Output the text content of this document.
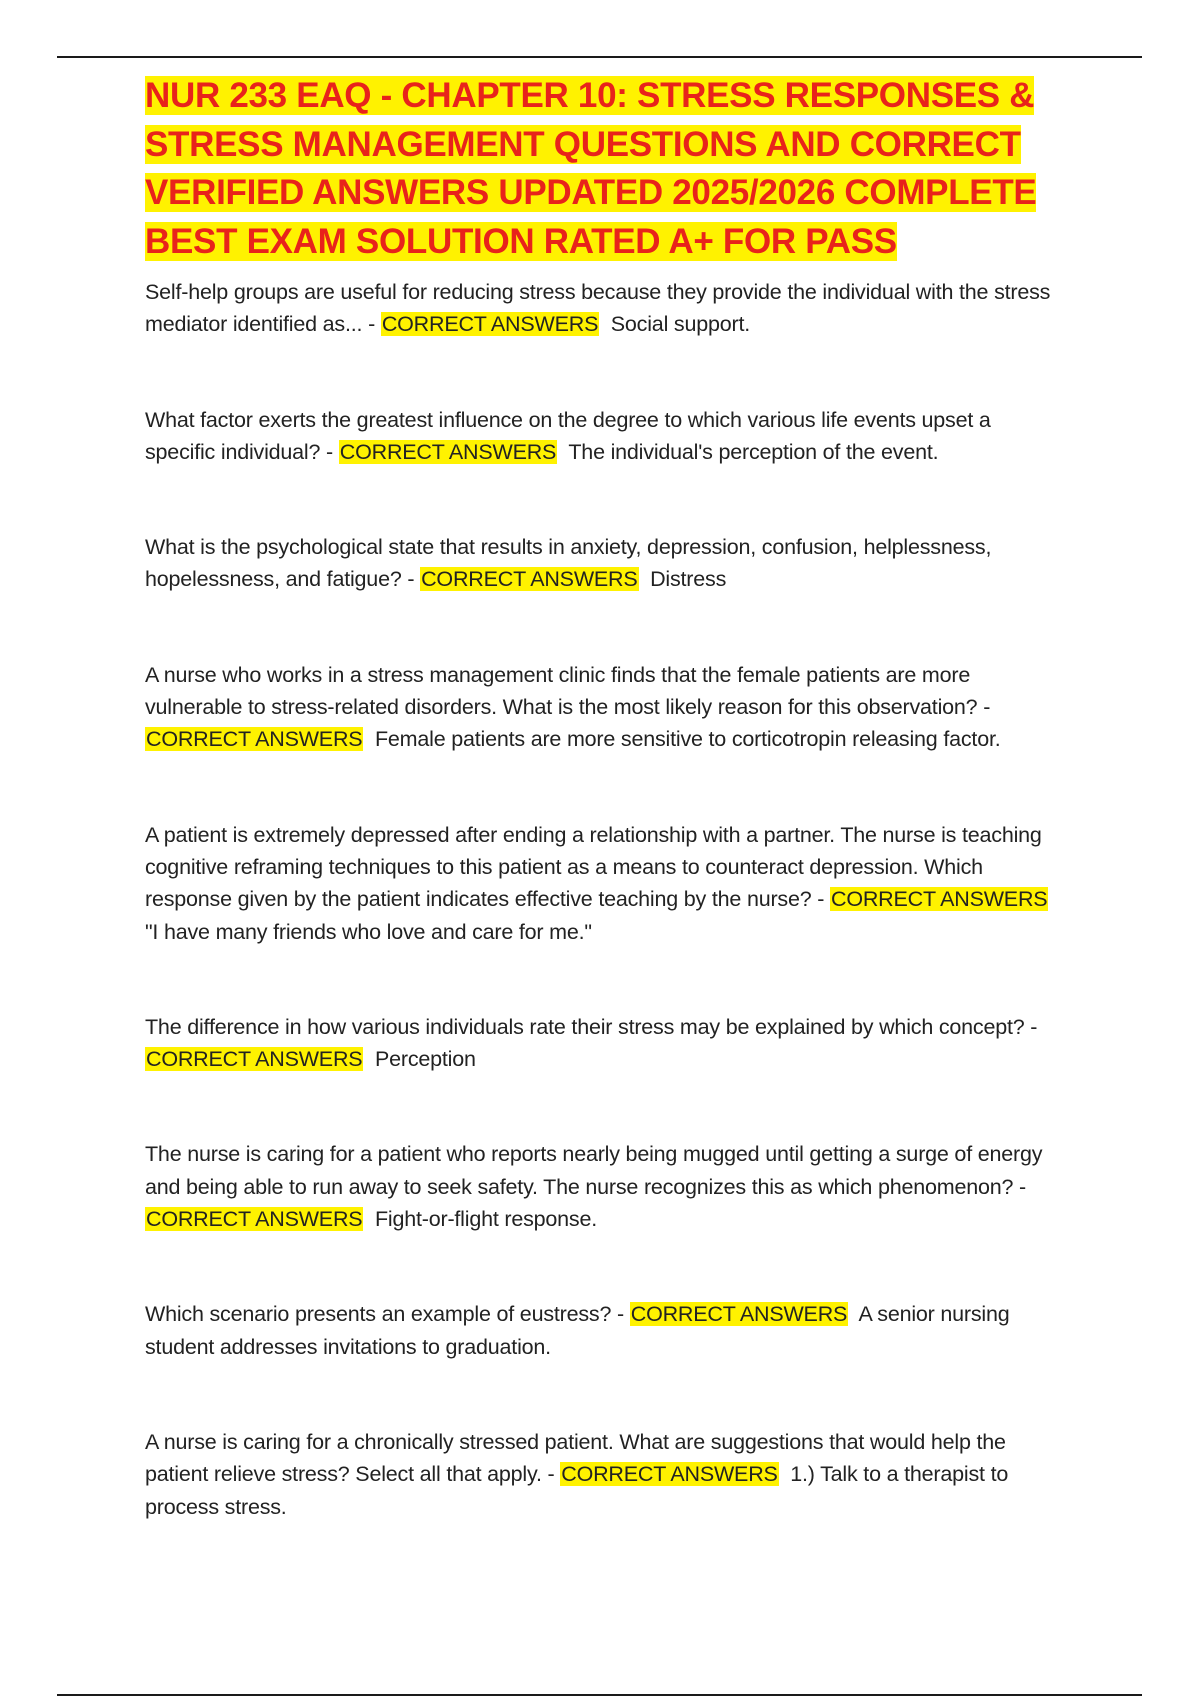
NUR 233 EAQ - CHAPTER 10: STRESS RESPONSES & STRESS MANAGEMENT QUESTIONS AND CORRECT VERIFIED ANSWERS UPDATED 2025/2026 COMPLETE BEST EXAM SOLUTION RATED A+ FOR PASS
Self-help groups are useful for reducing stress because they provide the individual with the stress mediator identified as... - CORRECT ANSWERS Social support.
What factor exerts the greatest influence on the degree to which various life events upset a specific individual? - CORRECT ANSWERS The individual's perception of the event.
What is the psychological state that results in anxiety, depression, confusion, helplessness, hopelessness, and fatigue? - CORRECT ANSWERS Distress
A nurse who works in a stress management clinic finds that the female patients are more vulnerable to stress-related disorders. What is the most likely reason for this observation? - CORRECT ANSWERS Female patients are more sensitive to corticotropin releasing factor.
A patient is extremely depressed after ending a relationship with a partner. The nurse is teaching cognitive reframing techniques to this patient as a means to counteract depression. Which response given by the patient indicates effective teaching by the nurse? - CORRECT ANSWERS  "I have many friends who love and care for me."
The difference in how various individuals rate their stress may be explained by which concept? - CORRECT ANSWERS Perception
The nurse is caring for a patient who reports nearly being mugged until getting a surge of energy and being able to run away to seek safety. The nurse recognizes this as which phenomenon? - CORRECT ANSWERS Fight-or-flight response.
Which scenario presents an example of eustress? - CORRECT ANSWERS A senior nursing student addresses invitations to graduation.
A nurse is caring for a chronically stressed patient. What are suggestions that would help the patient relieve stress? Select all that apply. - CORRECT ANSWERS 1.) Talk to a therapist to process stress.
